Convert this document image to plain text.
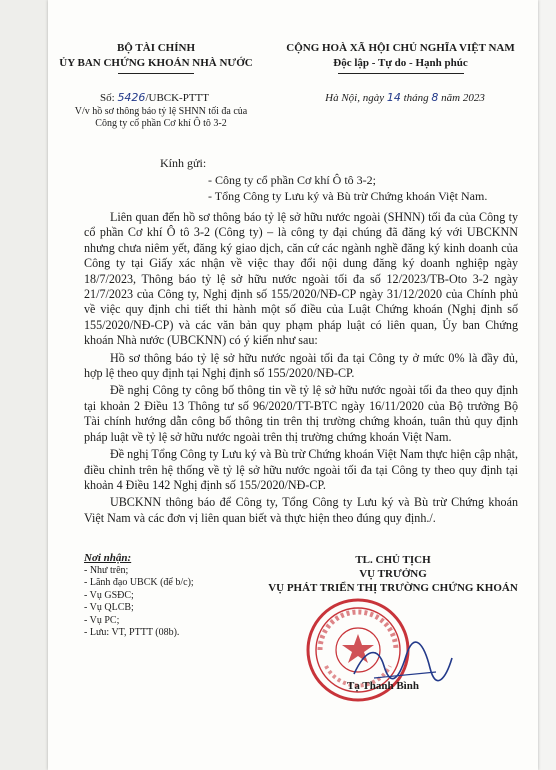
BỘ TÀI CHÍNH
ỦY BAN CHỨNG KHOÁN NHÀ NƯỚC
Số: 5426/UBCK-PTTT
V/v hồ sơ thông báo tỷ lệ SHNN tối đa của
Công ty cổ phần Cơ khí Ô tô 3-2
CỘNG HOÀ XÃ HỘI CHỦ NGHĨA VIỆT NAM
Độc lập - Tự do - Hạnh phúc
Hà Nội, ngày 14 tháng 8 năm 2023
Kính gửi:
- Công ty cổ phần Cơ khí Ô tô 3-2;
- Tổng Công ty Lưu ký và Bù trừ Chứng khoán Việt Nam.

Liên quan đến hồ sơ thông báo tỷ lệ sở hữu nước ngoài (SHNN) tối đa của Công ty cổ phần Cơ khí Ô tô 3-2 (Công ty) – là công ty đại chúng đã đăng ký với UBCKNN nhưng chưa niêm yết, đăng ký giao dịch, căn cứ các ngành nghề đăng ký kinh doanh của Công ty tại Giấy xác nhận về việc thay đổi nội dung đăng ký doanh nghiệp ngày 18/7/2023, Thông báo tỷ lệ sở hữu nước ngoài tối đa số 12/2023/TB-Oto 3-2 ngày 21/7/2023 của Công ty, Nghị định số 155/2020/NĐ-CP ngày 31/12/2020 của Chính phủ về việc quy định chi tiết thi hành một số điều của Luật Chứng khoán (Nghị định số 155/2020/NĐ-CP) và các văn bản quy phạm pháp luật có liên quan, Ủy ban Chứng khoán Nhà nước (UBCKNN) có ý kiến như sau:

Hồ sơ thông báo tỷ lệ sở hữu nước ngoài tối đa tại Công ty ở mức 0% là đầy đủ, hợp lệ theo quy định tại Nghị định số 155/2020/NĐ-CP.

Đề nghị Công ty công bố thông tin về tỷ lệ sở hữu nước ngoài tối đa theo quy định tại khoản 2 Điều 13 Thông tư số 96/2020/TT-BTC ngày 16/11/2020 của Bộ trưởng Bộ Tài chính hướng dẫn công bố thông tin trên thị trường chứng khoán, tuân thủ quy định pháp luật về tỷ lệ sở hữu nước ngoài trên thị trường chứng khoán Việt Nam.

Đề nghị Tổng Công ty Lưu ký và Bù trừ Chứng khoán Việt Nam thực hiện cập nhật, điều chỉnh trên hệ thống về tỷ lệ sở hữu nước ngoài tối đa tại Công ty theo quy định tại khoản 4 Điều 142 Nghị định số 155/2020/NĐ-CP.

UBCKNN thông báo để Công ty, Tổng Công ty Lưu ký và Bù trừ Chứng khoán Việt Nam và các đơn vị liên quan biết và thực hiện theo đúng quy định./.

Nơi nhận:
- Như trên;
- Lãnh đạo UBCK (để b/c);
- Vụ GSĐC;
- Vụ QLCB;
- Vụ PC;
- Lưu: VT, PTTT (08b).
TL. CHỦ TỊCH
VỤ TRƯỞNG
VỤ PHÁT TRIỂN THỊ TRƯỜNG CHỨNG KHOÁN
Tạ Thanh Bình
